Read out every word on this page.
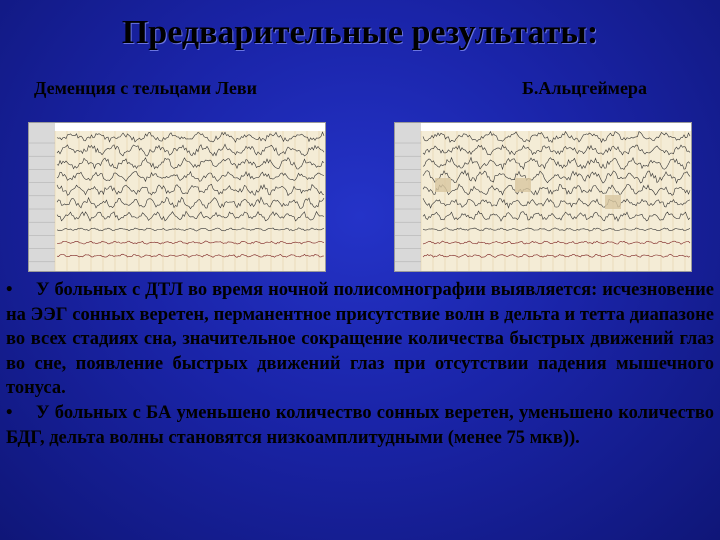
Предварительные результаты:
Деменция с тельцами Леви	Б.Альцгеймера

• У больных с ДТЛ во время ночной полисомнографии выявляется: исчезновение на ЭЭГ сонных веретен, перманентное присутствие волн в дельта и тетта диапазоне во всех стадиях сна, значительное сокращение количества быстрых движений глаз во сне, появление быстрых движений глаз при отсутствии падения мышечного тонуса.

• У больных с БА уменьшено количество сонных веретен, уменьшено количество БДГ, дельта волны становятся низкоамплитудными (менее 75 мкв)).
